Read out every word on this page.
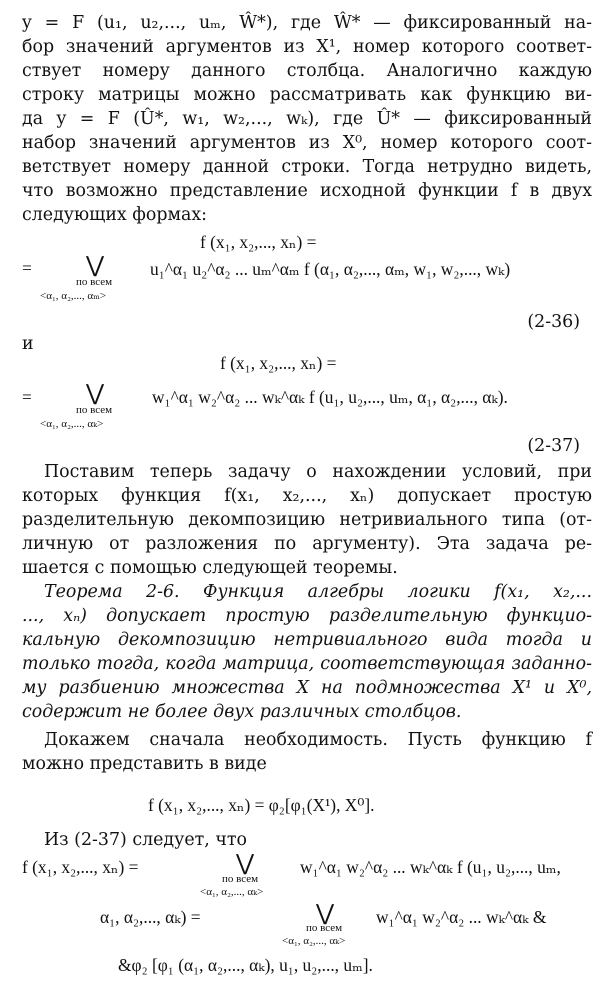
y = F (u₁, u₂,..., uₘ, Ŵ*), где Ŵ* — фиксированный на-
бор значений аргументов из X¹, номер которого соответ-
ствует номеру данного столбца. Аналогично каждую
строку матрицы можно рассматривать как функцию ви-
да y = F (Û*, w₁, w₂,..., wₖ), где Û* — фиксированный
набор значений аргументов из X⁰, номер которого соот-
ветствует номеру данной строки. Тогда нетрудно видеть,
что возможно представление исходной функции f в двух
следующих формах:
f (x₁, x₂,..., xₙ) =
=	⋁
по всем
<α₁, α₂,..., αₘ>
u₁^α₁ u₂^α₂ ... uₘ^αₘ f (α₁, α₂,..., αₘ, w₁, w₂,..., wₖ)
(2-36)
и
f (x₁, x₂,..., xₙ) =
=	⋁
по всем
<α₁, α₂,..., αₖ>
w₁^α₁ w₂^α₂ ... wₖ^αₖ f (u₁, u₂,..., uₘ, α₁, α₂,..., αₖ).
(2-37)
Поставим теперь задачу о нахождении условий, при
которых функция f(x₁, x₂,..., xₙ) допускает простую
разделительную декомпозицию нетривиального типа (от-
личную от разложения по аргументу). Эта задача ре-
шается с помощью следующей теоремы.
Теорема 2-6. Функция алгебры логики f(x₁, x₂,...
..., xₙ) допускает простую разделительную функцио-
кальную декомпозицию нетривиального вида тогда и
только тогда, когда матрица, соответствующая заданно-
му разбиению множества X на подмножества X¹ и X⁰,
содержит не более двух различных столбцов.
Докажем сначала необходимость. Пусть функцию f
можно представить в виде
f (x₁, x₂,..., xₙ) = φ₂[φ₁(X¹), X⁰].
Из (2-37) следует, что
f (x₁, x₂,..., xₙ) =	⋁
по всем
<α₁, α₂,..., αₖ>
w₁^α₁ w₂^α₂ ... wₖ^αₖ f (u₁, u₂,..., uₘ,
α₁, α₂,..., αₖ) =	⋁
по всем
<α₁, α₂,..., αₖ>
w₁^α₁ w₂^α₂ ... wₖ^αₖ &
&φ₂ [φ₁ (α₁, α₂,..., αₖ), u₁, u₂,..., uₘ].
